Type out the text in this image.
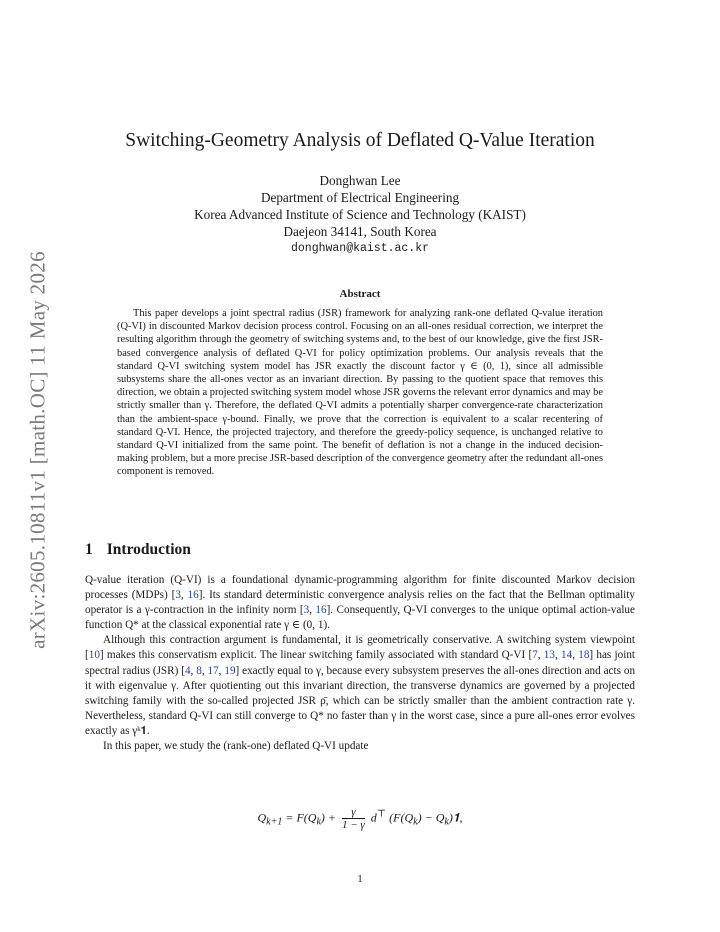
arXiv:2605.10811v1 [math.OC] 11 May 2026
Switching-Geometry Analysis of Deflated Q-Value Iteration
Donghwan Lee
Department of Electrical Engineering
Korea Advanced Institute of Science and Technology (KAIST)
Daejeon 34141, South Korea
donghwan@kaist.ac.kr
Abstract
This paper develops a joint spectral radius (JSR) framework for analyzing rank-one deflated Q-value iteration (Q-VI) in discounted Markov decision process control. Focusing on an all-ones residual correction, we interpret the resulting algorithm through the geometry of switching systems and, to the best of our knowledge, give the first JSR-based convergence analysis of deflated Q-VI for policy optimization problems. Our analysis reveals that the standard Q-VI switching system model has JSR exactly the discount factor γ ∈ (0, 1), since all admissible subsystems share the all-ones vector as an invariant direction. By passing to the quotient space that removes this direction, we obtain a projected switching system model whose JSR governs the relevant error dynamics and may be strictly smaller than γ. Therefore, the deflated Q-VI admits a potentially sharper convergence-rate characterization than the ambient-space γ-bound. Finally, we prove that the correction is equivalent to a scalar recentering of standard Q-VI. Hence, the projected trajectory, and therefore the greedy-policy sequence, is unchanged relative to standard Q-VI initialized from the same point. The benefit of deflation is not a change in the induced decision-making problem, but a more precise JSR-based description of the convergence geometry after the redundant all-ones component is removed.
1 Introduction

Q-value iteration (Q-VI) is a foundational dynamic-programming algorithm for finite discounted Markov decision processes (MDPs) [3, 16]. Its standard deterministic convergence analysis relies on the fact that the Bellman optimality operator is a γ-contraction in the infinity norm [3, 16]. Consequently, Q-VI converges to the unique optimal action-value function Q* at the classical exponential rate γ ∈ (0, 1).

Although this contraction argument is fundamental, it is geometrically conservative. A switching system viewpoint [10] makes this conservatism explicit. The linear switching family associated with standard Q-VI [7, 13, 14, 18] has joint spectral radius (JSR) [4, 8, 17, 19] exactly equal to γ, because every subsystem preserves the all-ones direction and acts on it with eigenvalue γ. After quotienting out this invariant direction, the transverse dynamics are governed by a projected switching family with the so-called projected JSR ρ̄, which can be strictly smaller than the ambient contraction rate γ. Nevertheless, standard Q-VI can still converge to Q* no faster than γ in the worst case, since a pure all-ones error evolves exactly as γᵏ𝟏.

In this paper, we study the (rank-one) deflated Q-VI update

$Q_{k+1} = F(Q_k) + \frac{\gamma}{1 - \gamma} d^⊤$ ($F(Q_k)$ − $Q_k)𝟏$,
1
